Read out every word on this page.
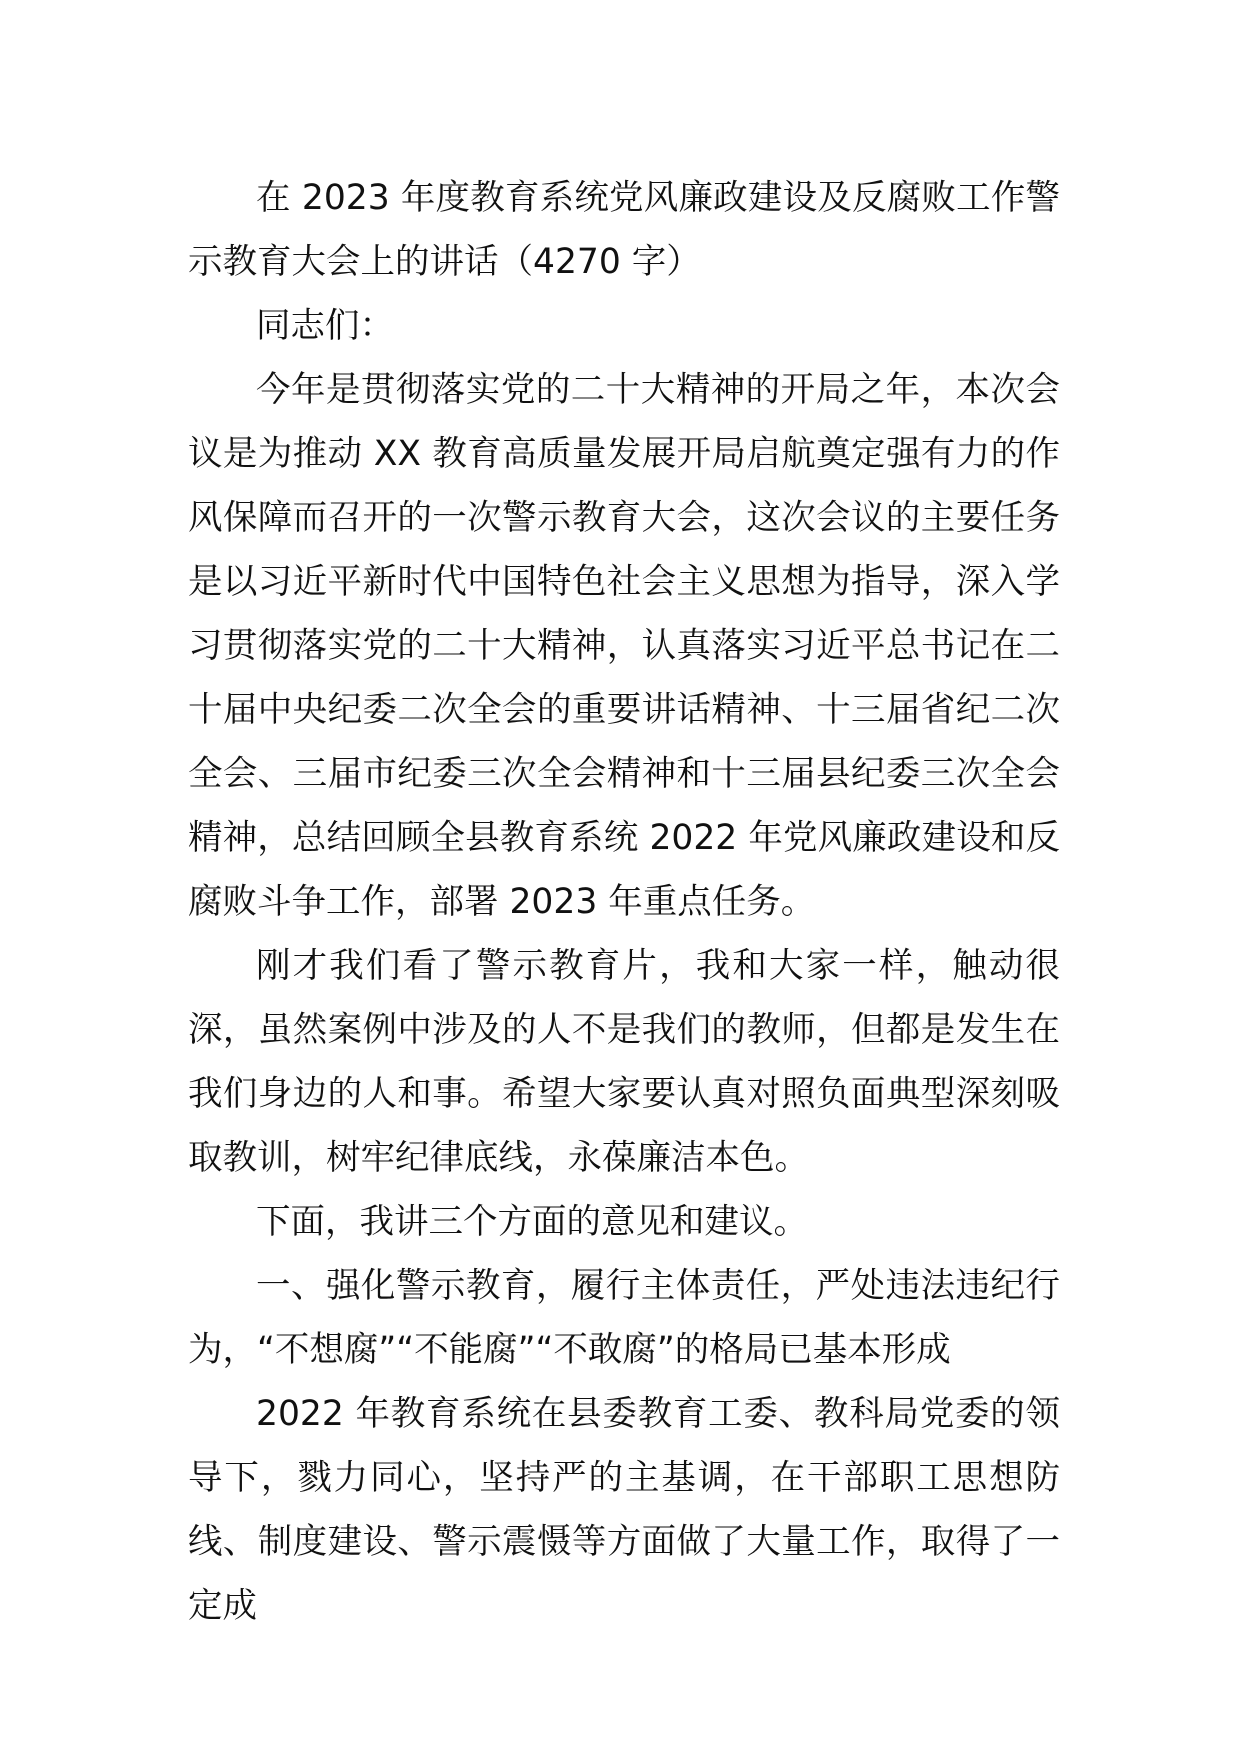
在 2023 年度教育系统党风廉政建设及反腐败工作警示教育大会上的讲话（4270 字）

同志们：

今年是贯彻落实党的二十大精神的开局之年，本次会议是为推动 XX 教育高质量发展开局启航奠定强有力的作风保障而召开的一次警示教育大会，这次会议的主要任务是以习近平新时代中国特色社会主义思想为指导，深入学习贯彻落实党的二十大精神，认真落实习近平总书记在二十届中央纪委二次全会的重要讲话精神、十三届省纪二次全会、三届市纪委三次全会精神和十三届县纪委三次全会精神，总结回顾全县教育系统 2022 年党风廉政建设和反腐败斗争工作，部署 2023 年重点任务。

刚才我们看了警示教育片，我和大家一样，触动很深，虽然案例中涉及的人不是我们的教师，但都是发生在我们身边的人和事。希望大家要认真对照负面典型深刻吸取教训，树牢纪律底线，永葆廉洁本色。

下面，我讲三个方面的意见和建议。

一、强化警示教育，履行主体责任，严处违法违纪行为，“不想腐”“不能腐”“不敢腐”的格局已基本形成

2022 年教育系统在县委教育工委、教科局党委的领导下，戮力同心，坚持严的主基调，在干部职工思想防线、制度建设、警示震慑等方面做了大量工作，取得了一定成
